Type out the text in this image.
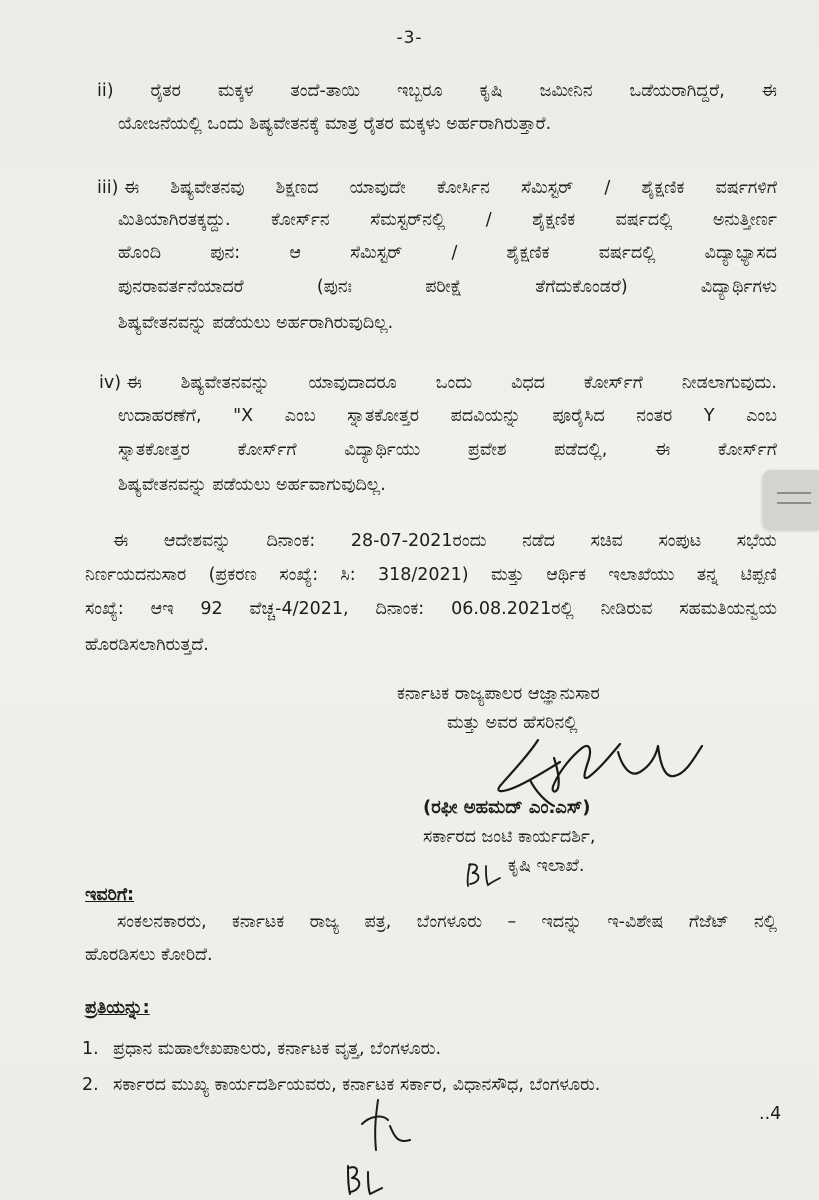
-3-
ii) ರೈತರ ಮಕ್ಕಳ ತಂದೆ-ತಾಯಿ ಇಬ್ಬರೂ ಕೃಷಿ ಜಮೀನಿನ ಒಡೆಯರಾಗಿದ್ದರೆ, ಈ
ಯೋಜನೆಯಲ್ಲಿ ಒಂದು ಶಿಷ್ಯವೇತನಕ್ಕೆ ಮಾತ್ರ ರೈತರ ಮಕ್ಕಳು ಅರ್ಹರಾಗಿರುತ್ತಾರೆ.
iii) ಈ ಶಿಷ್ಯವೇತನವು ಶಿಕ್ಷಣದ ಯಾವುದೇ ಕೋರ್ಸಿನ ಸೆಮಿಸ್ಟರ್ / ಶೈಕ್ಷಣಿಕ ವರ್ಷಗಳಿಗೆ
ಮಿತಿಯಾಗಿರತಕ್ಕದ್ದು. ಕೋರ್ಸ್‌ನ ಸೆಮಸ್ಟರ್‌ನಲ್ಲಿ / ಶೈಕ್ಷಣಿಕ ವರ್ಷದಲ್ಲಿ ಅನುತ್ತೀರ್ಣ
ಹೊಂದಿ	ಪುನ:	ಆ	ಸೆಮಿಸ್ಟರ್	/	ಶೈಕ್ಷಣಿಕ	ವರ್ಷದಲ್ಲಿ	ವಿದ್ಯಾಭ್ಯಾಸದ
ಪುನರಾವರ್ತನೆಯಾದರೆ	(ಪುನಃ	ಪರೀಕ್ಷೆ	ತೆಗೆದುಕೊಂಡರೆ)	ವಿದ್ಯಾರ್ಥಿಗಳು
ಶಿಷ್ಯವೇತನವನ್ನು ಪಡೆಯಲು ಅರ್ಹರಾಗಿರುವುದಿಲ್ಲ.
iv) ಈ ಶಿಷ್ಯವೇತನವನ್ನು ಯಾವುದಾದರೂ ಒಂದು ವಿಧದ ಕೋರ್ಸ್‌ಗೆ ನೀಡಲಾಗುವುದು.
ಉದಾಹರಣೆಗೆ, "X ಎಂಬ ಸ್ನಾತಕೋತ್ತರ ಪದವಿಯನ್ನು ಪೂರೈಸಿದ ನಂತರ Y ಎಂಬ
ಸ್ನಾತಕೋತ್ತರ	ಕೋರ್ಸ್‌ಗೆ	ವಿದ್ಯಾರ್ಥಿಯು	ಪ್ರವೇಶ	ಪಡೆದಲ್ಲಿ,	ಈ	ಕೋರ್ಸ್‌ಗೆ
ಶಿಷ್ಯವೇತನವನ್ನು ಪಡೆಯಲು ಅರ್ಹವಾಗುವುದಿಲ್ಲ.
ಈ ಆದೇಶವನ್ನು ದಿನಾಂಕ: 28-07-2021ರಂದು ನಡೆದ ಸಚಿವ ಸಂಪುಟ ಸಭೆಯ
ನಿರ್ಣಯದನುಸಾರ (ಪ್ರಕರಣ ಸಂಖ್ಯೆ: ಸಿ: 318/2021) ಮತ್ತು ಆರ್ಥಿಕ ಇಲಾಖೆಯು ತನ್ನ ಟಿಪ್ಪಣಿ
ಸಂಖ್ಯೆ: ಆಇ 92 ವೆಚ್ಚ-4/2021, ದಿನಾಂಕ: 06.08.2021ರಲ್ಲಿ ನೀಡಿರುವ ಸಹಮತಿಯನ್ವಯ
ಹೊರಡಿಸಲಾಗಿರುತ್ತದೆ.
ಕರ್ನಾಟಕ ರಾಜ್ಯಪಾಲರ ಆಜ್ಞಾನುಸಾರ
ಮತ್ತು ಅವರ ಹೆಸರಿನಲ್ಲಿ
(ರಫೀ ಅಹಮದ್ ಎಂ.ಎಸ್)
ಸರ್ಕಾರದ ಜಂಟಿ ಕಾರ್ಯದರ್ಶಿ,
ಕೃಷಿ ಇಲಾಖೆ.
ಇವರಿಗೆ:
ಸಂಕಲನಕಾರರು, ಕರ್ನಾಟಕ ರಾಜ್ಯ ಪತ್ರ, ಬೆಂಗಳೂರು – ಇದನ್ನು ಇ-ವಿಶೇಷ ಗೆಜೆಟ್ ನಲ್ಲಿ
ಹೊರಡಿಸಲು ಕೋರಿದೆ.
ಪ್ರತಿಯನ್ನು:
1. ಪ್ರಧಾನ ಮಹಾಲೇಖಪಾಲರು, ಕರ್ನಾಟಕ ವೃತ್ತ, ಬೆಂಗಳೂರು.
2. ಸರ್ಕಾರದ ಮುಖ್ಯ ಕಾರ್ಯದರ್ಶಿಯವರು, ಕರ್ನಾಟಕ ಸರ್ಕಾರ, ವಿಧಾನಸೌಧ, ಬೆಂಗಳೂರು.
..4
